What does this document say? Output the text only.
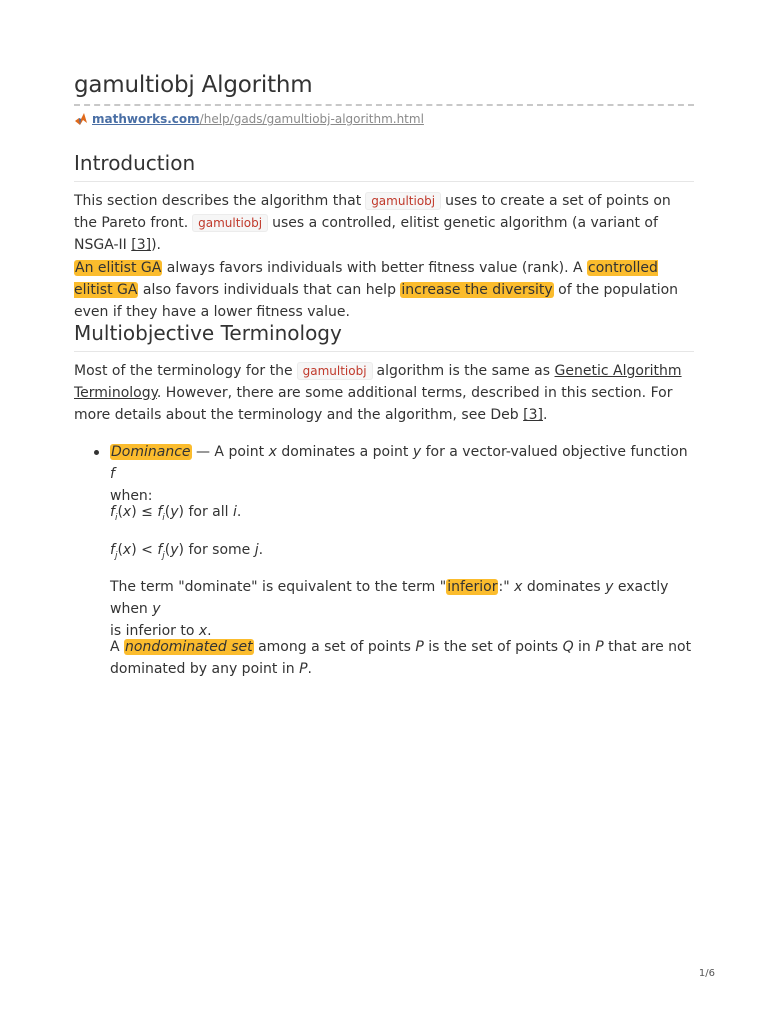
gamultiobj Algorithm
mathworks.com/help/gads/gamultiobj-algorithm.html
Introduction

This section describes the algorithm that gamultiobj uses to create a set of points on the Pareto front. gamultiobj uses a controlled, elitist genetic algorithm (a variant of NSGA-II [3]).
An elitist GA always favors individuals with better fitness value (rank). A controlled elitist GA also favors individuals that can help increase the diversity of the population even if they have a lower fitness value.

Multiobjective Terminology

Most of the terminology for the gamultiobj algorithm is the same as Genetic Algorithm Terminology. However, there are some additional terms, described in this section. For more details about the terminology and the algorithm, see Deb [3].

Dominance — A point x dominates a point y for a vector-valued objective function f
when:

$f_i(x) \le f_i(y)$ for all i.

$f_j(x) < f_j(y)$ for some j.

The term "dominate" is equivalent to the term "inferior:" x dominates y exactly when y
is inferior to x.

A nondominated set among a set of points P is the set of points Q in P that are not dominated by any point in P.

1/6
